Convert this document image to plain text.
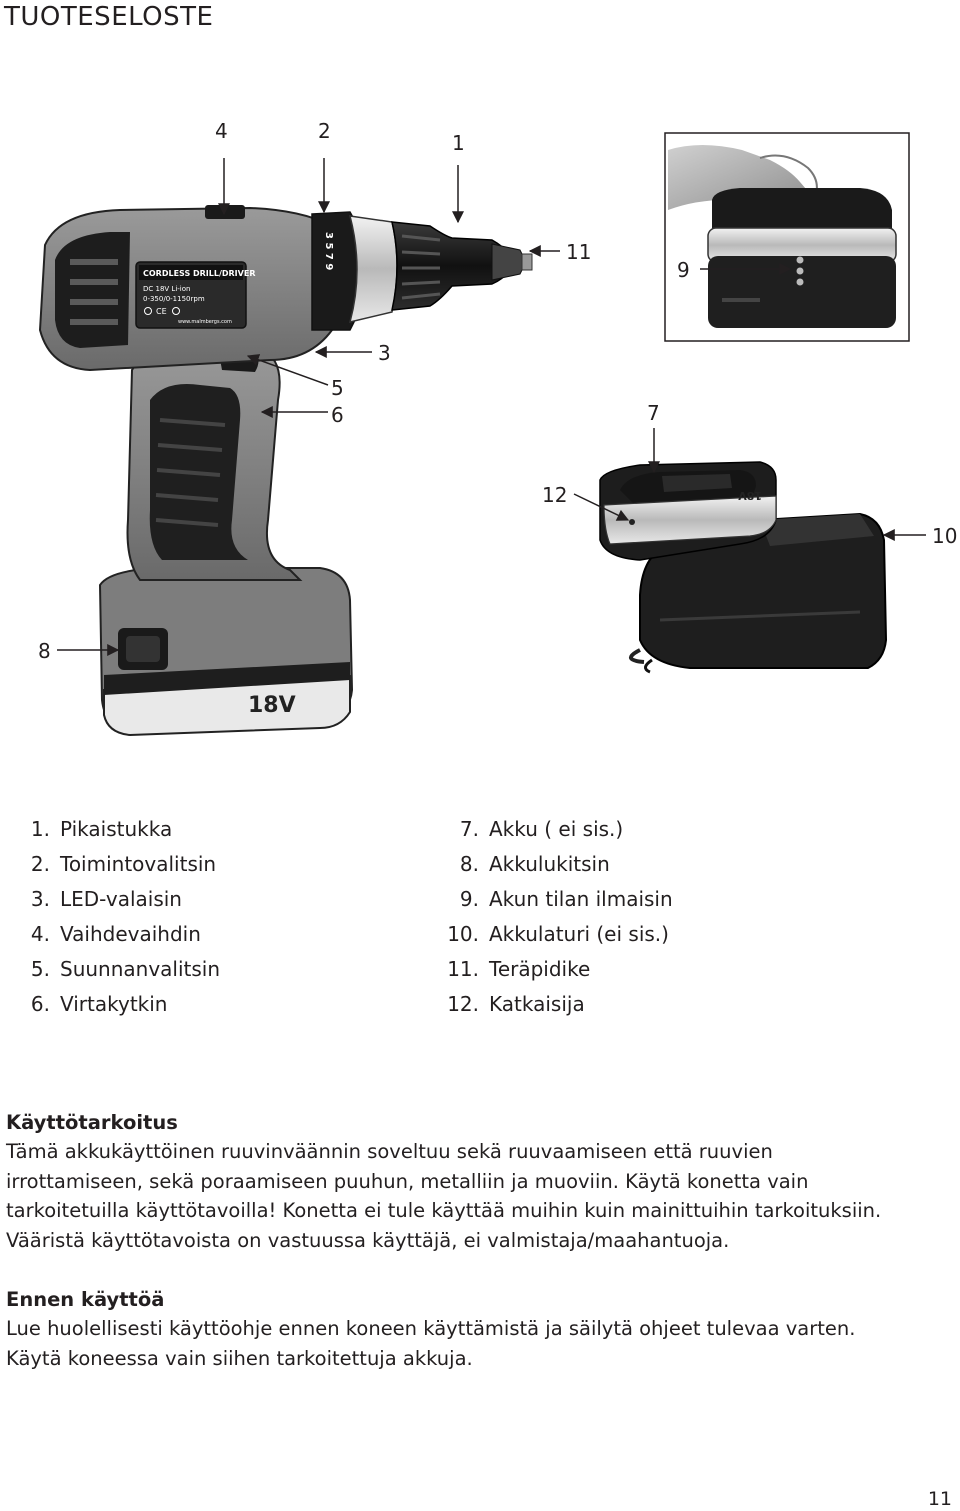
TUOTESELOSTE
18V
CORDLESS DRILL/DRIVER
DC 18V Li-ion
0-350/0-1150rpm
CE
www.malmbergs.com
3 5 7 9
18V
4	2	1
11
9
3
5
6	7
12
10
8
1. Pikaistukka
2. Toimintovalitsin
3. LED-valaisin
4. Vaihdevaihdin
5. Suunnanvalitsin
6. Virtakytkin
7. Akku ( ei sis.)
8. Akkulukitsin
9. Akun tilan ilmaisin
10. Akkulaturi (ei sis.)
11. Teräpidike
12. Katkaisija
Käyttötarkoitus

Tämä akkukäyttöinen ruuvinväännin soveltuu sekä ruuvaamiseen että ruuvien

irrottamiseen, sekä poraamiseen puuhun, metalliin ja muoviin. Käytä konetta vain

tarkoitetuilla käyttötavoilla! Konetta ei tule käyttää muihin kuin mainittuihin tarkoituksiin.

Vääristä käyttötavoista on vastuussa käyttäjä, ei valmistaja/maahantuoja.

Ennen käyttöä

Lue huolellisesti käyttöohje ennen koneen käyttämistä ja säilytä ohjeet tulevaa varten.

Käytä koneessa vain siihen tarkoitettuja akkuja.

11
